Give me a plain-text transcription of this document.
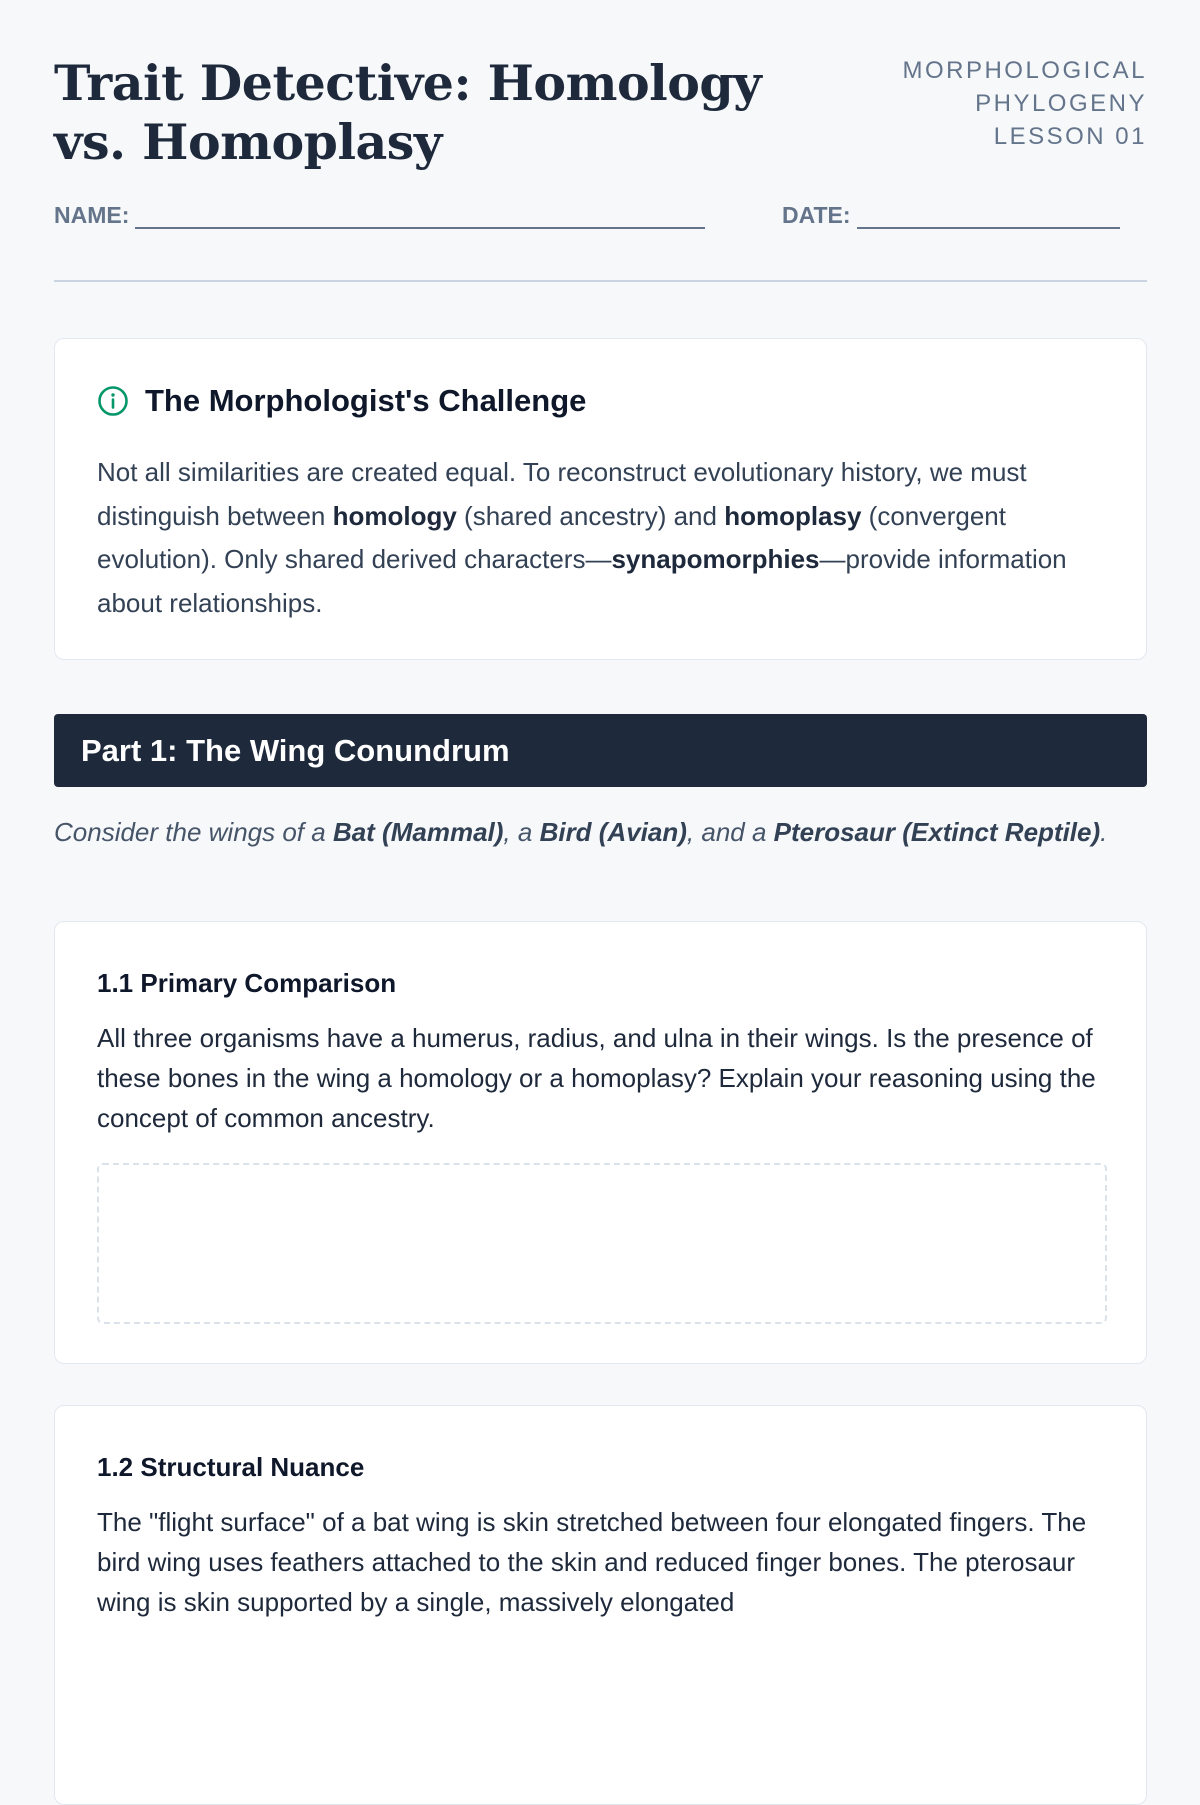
Trait Detective: Homology vs. Homoplasy
MORPHOLOGICAL
PHYLOGENY
LESSON 01
NAME:	DATE:
The Morphologist's Challenge

Not all similarities are created equal. To reconstruct evolutionary history, we must distinguish between homology (shared ancestry) and homoplasy (convergent evolution). Only shared derived characters—synapomorphies—provide information about relationships.

Part 1: The Wing Conundrum

Consider the wings of a Bat (Mammal), a Bird (Avian), and a Pterosaur (Extinct Reptile).

1.1 Primary Comparison

All three organisms have a humerus, radius, and ulna in their wings. Is the presence of these bones in the wing a homology or a homoplasy? Explain your reasoning using the concept of common ancestry.

1.2 Structural Nuance

The "flight surface" of a bat wing is skin stretched between four elongated fingers. The bird wing uses feathers attached to the skin and reduced finger bones. The pterosaur wing is skin supported by a single, massively elongated
